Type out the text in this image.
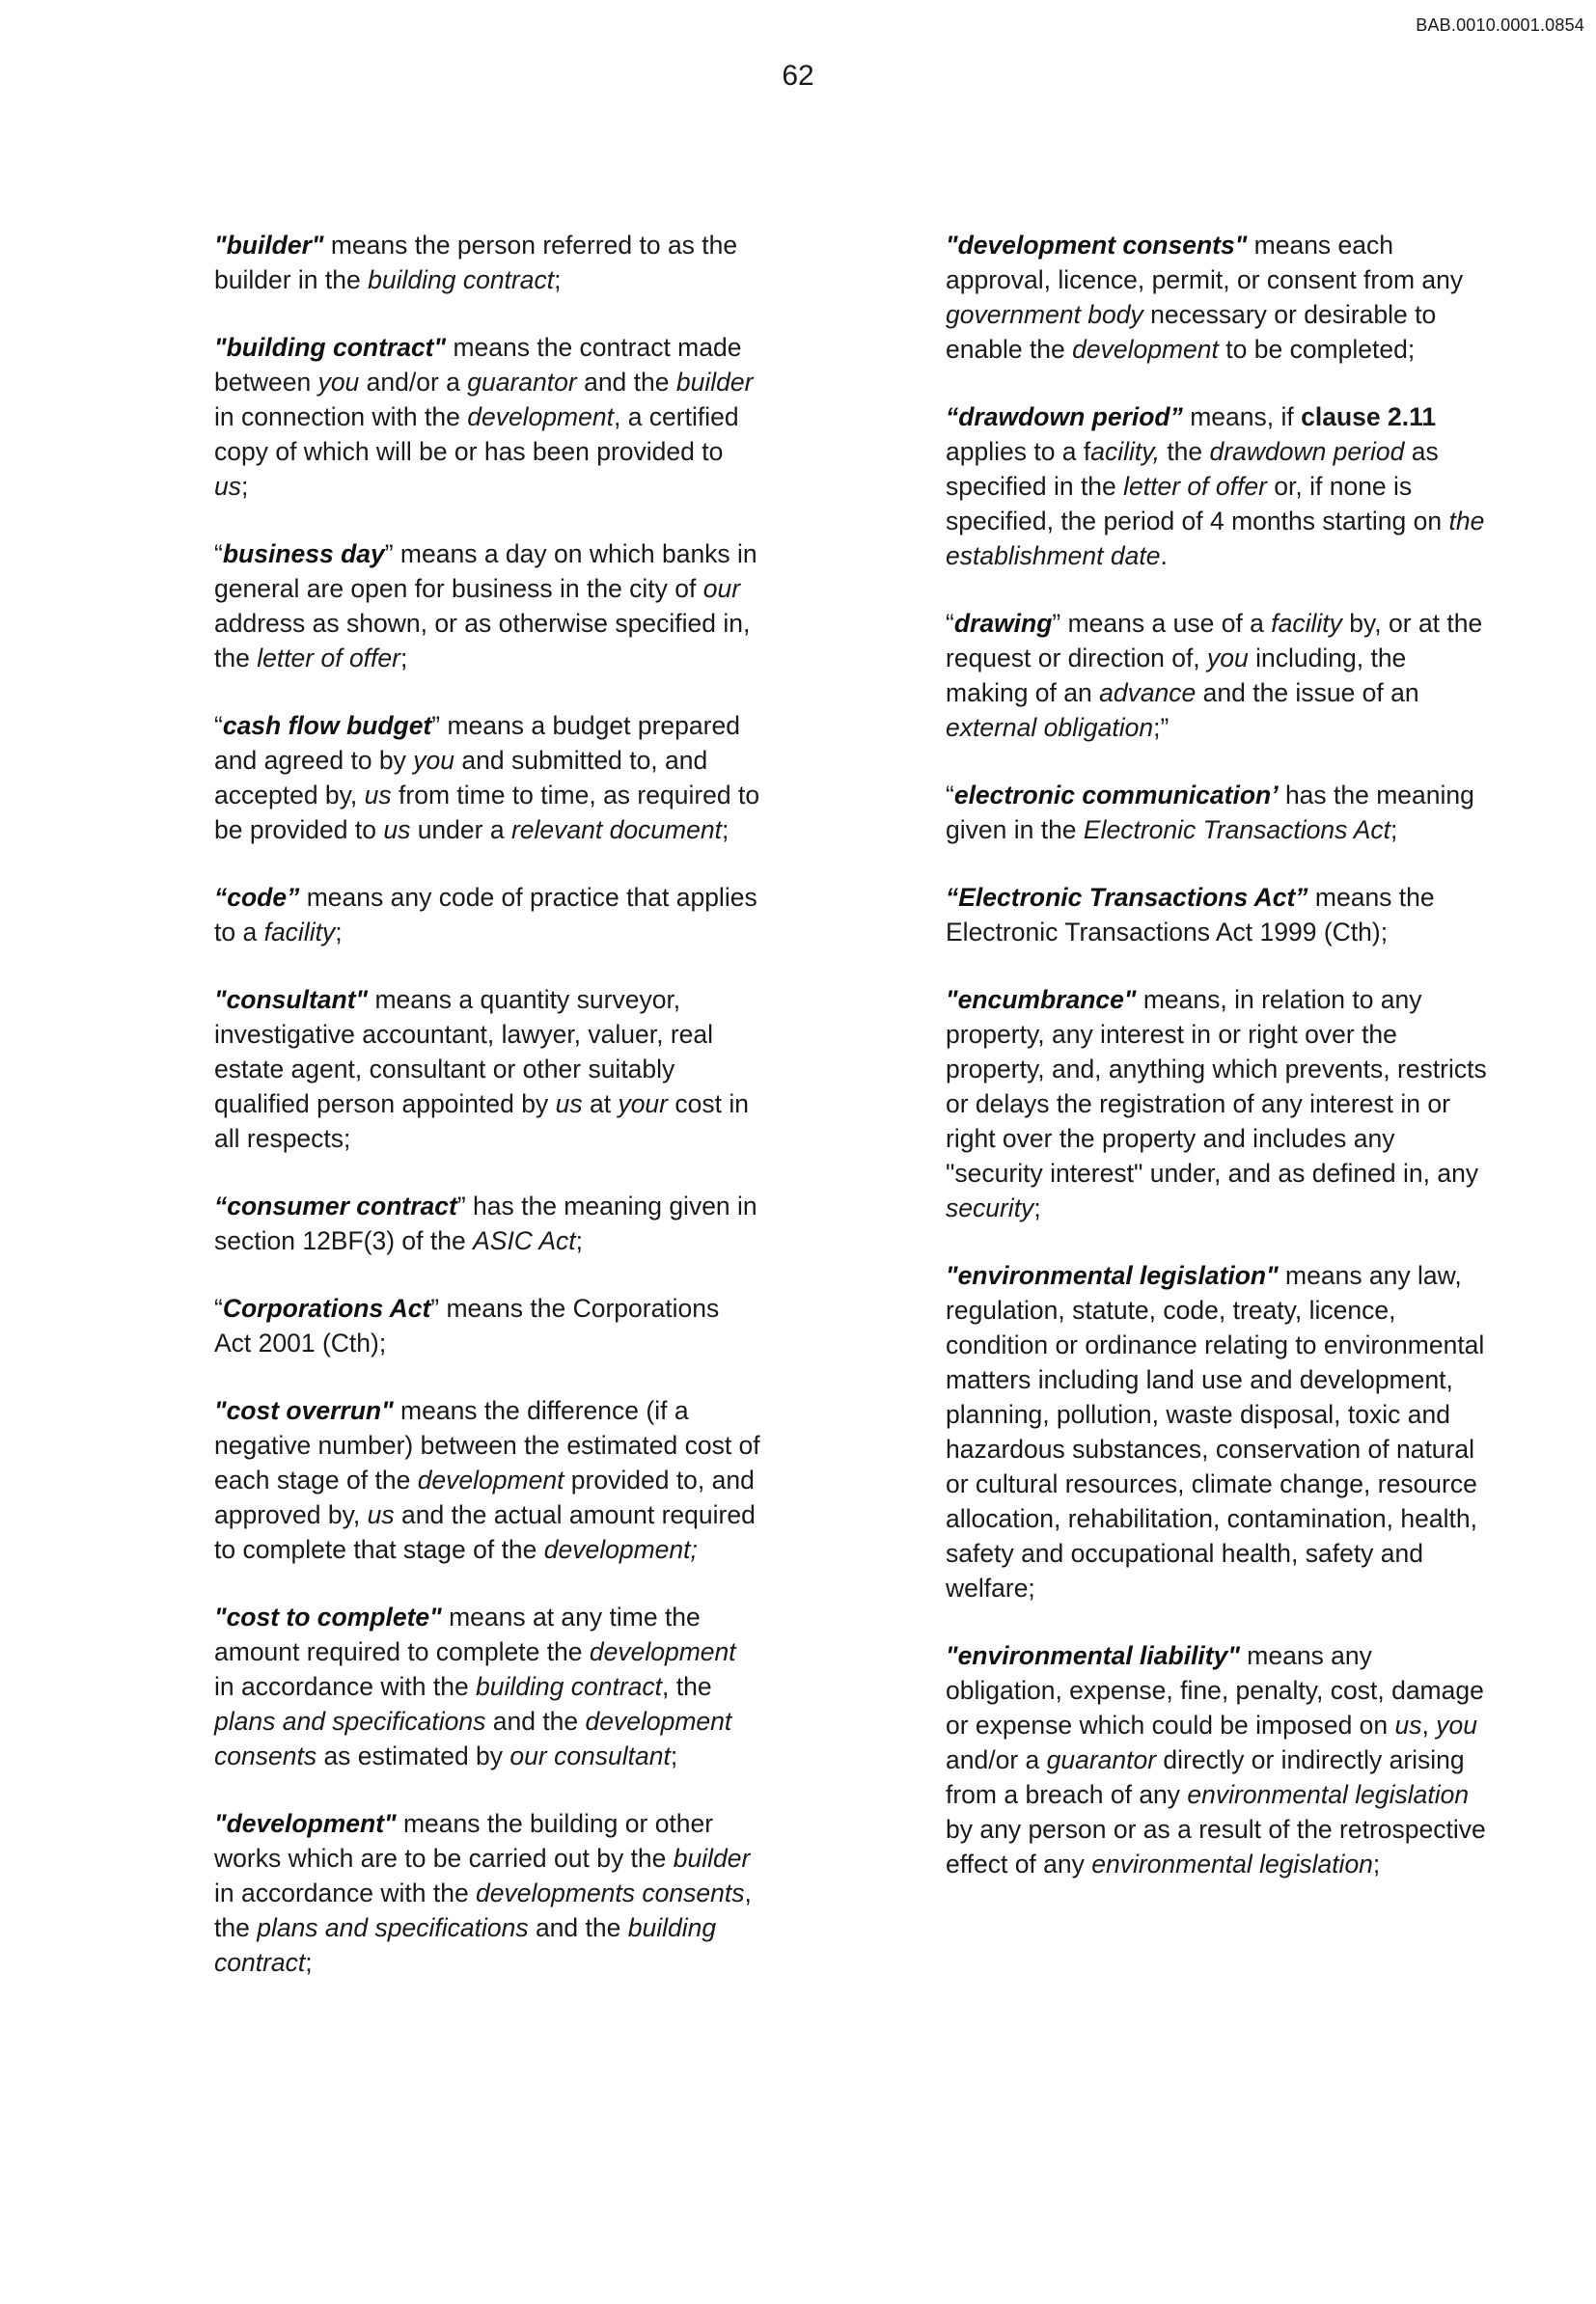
BAB.0010.0001.0854
62

"builder" means the person referred to as the builder in the building contract;

"building contract" means the contract made between you and/or a guarantor and the builder in connection with the development, a certified copy of which will be or has been provided to us;

“business day” means a day on which banks in general are open for business in the city of our address as shown, or as otherwise specified in, the letter of offer;

“cash flow budget” means a budget prepared and agreed to by you and submitted to, and accepted by, us from time to time, as required to be provided to us under a relevant document;

“code” means any code of practice that applies to a facility;

"consultant" means a quantity surveyor, investigative accountant, lawyer, valuer, real estate agent, consultant or other suitably qualified person appointed by us at your cost in all respects;

“consumer contract” has the meaning given in section 12BF(3) of the ASIC Act;

“Corporations Act” means the Corporations Act 2001 (Cth);

"cost overrun" means the difference (if a negative number) between the estimated cost of each stage of the development provided to, and approved by, us and the actual amount required to complete that stage of the development;

"cost to complete" means at any time the amount required to complete the development in accordance with the building contract, the plans and specifications and the development consents as estimated by our consultant;

"development" means the building or other works which are to be carried out by the builder in accordance with the developments consents, the plans and specifications and the building contract;

"development consents" means each approval, licence, permit, or consent from any government body necessary or desirable to enable the development to be completed;

“drawdown period” means, if clause 2.11 applies to a facility, the drawdown period as specified in the letter of offer or, if none is specified, the period of 4 months starting on the establishment date.

“drawing” means a use of a facility by, or at the request or direction of, you including, the making of an advance and the issue of an external obligation;”

“electronic communication’ has the meaning given in the Electronic Transactions Act;

“Electronic Transactions Act” means the Electronic Transactions Act 1999 (Cth);

"encumbrance" means, in relation to any property, any interest in or right over the property, and, anything which prevents, restricts or delays the registration of any interest in or right over the property and includes any "security interest" under, and as defined in, any security;

"environmental legislation" means any law, regulation, statute, code, treaty, licence, condition or ordinance relating to environmental matters including land use and development, planning, pollution, waste disposal, toxic and hazardous substances, conservation of natural or cultural resources, climate change, resource allocation, rehabilitation, contamination, health, safety and occupational health, safety and welfare;

"environmental liability" means any obligation, expense, fine, penalty, cost, damage or expense which could be imposed on us, you and/or a guarantor directly or indirectly arising from a breach of any environmental legislation by any person or as a result of the retrospective effect of any environmental legislation;
